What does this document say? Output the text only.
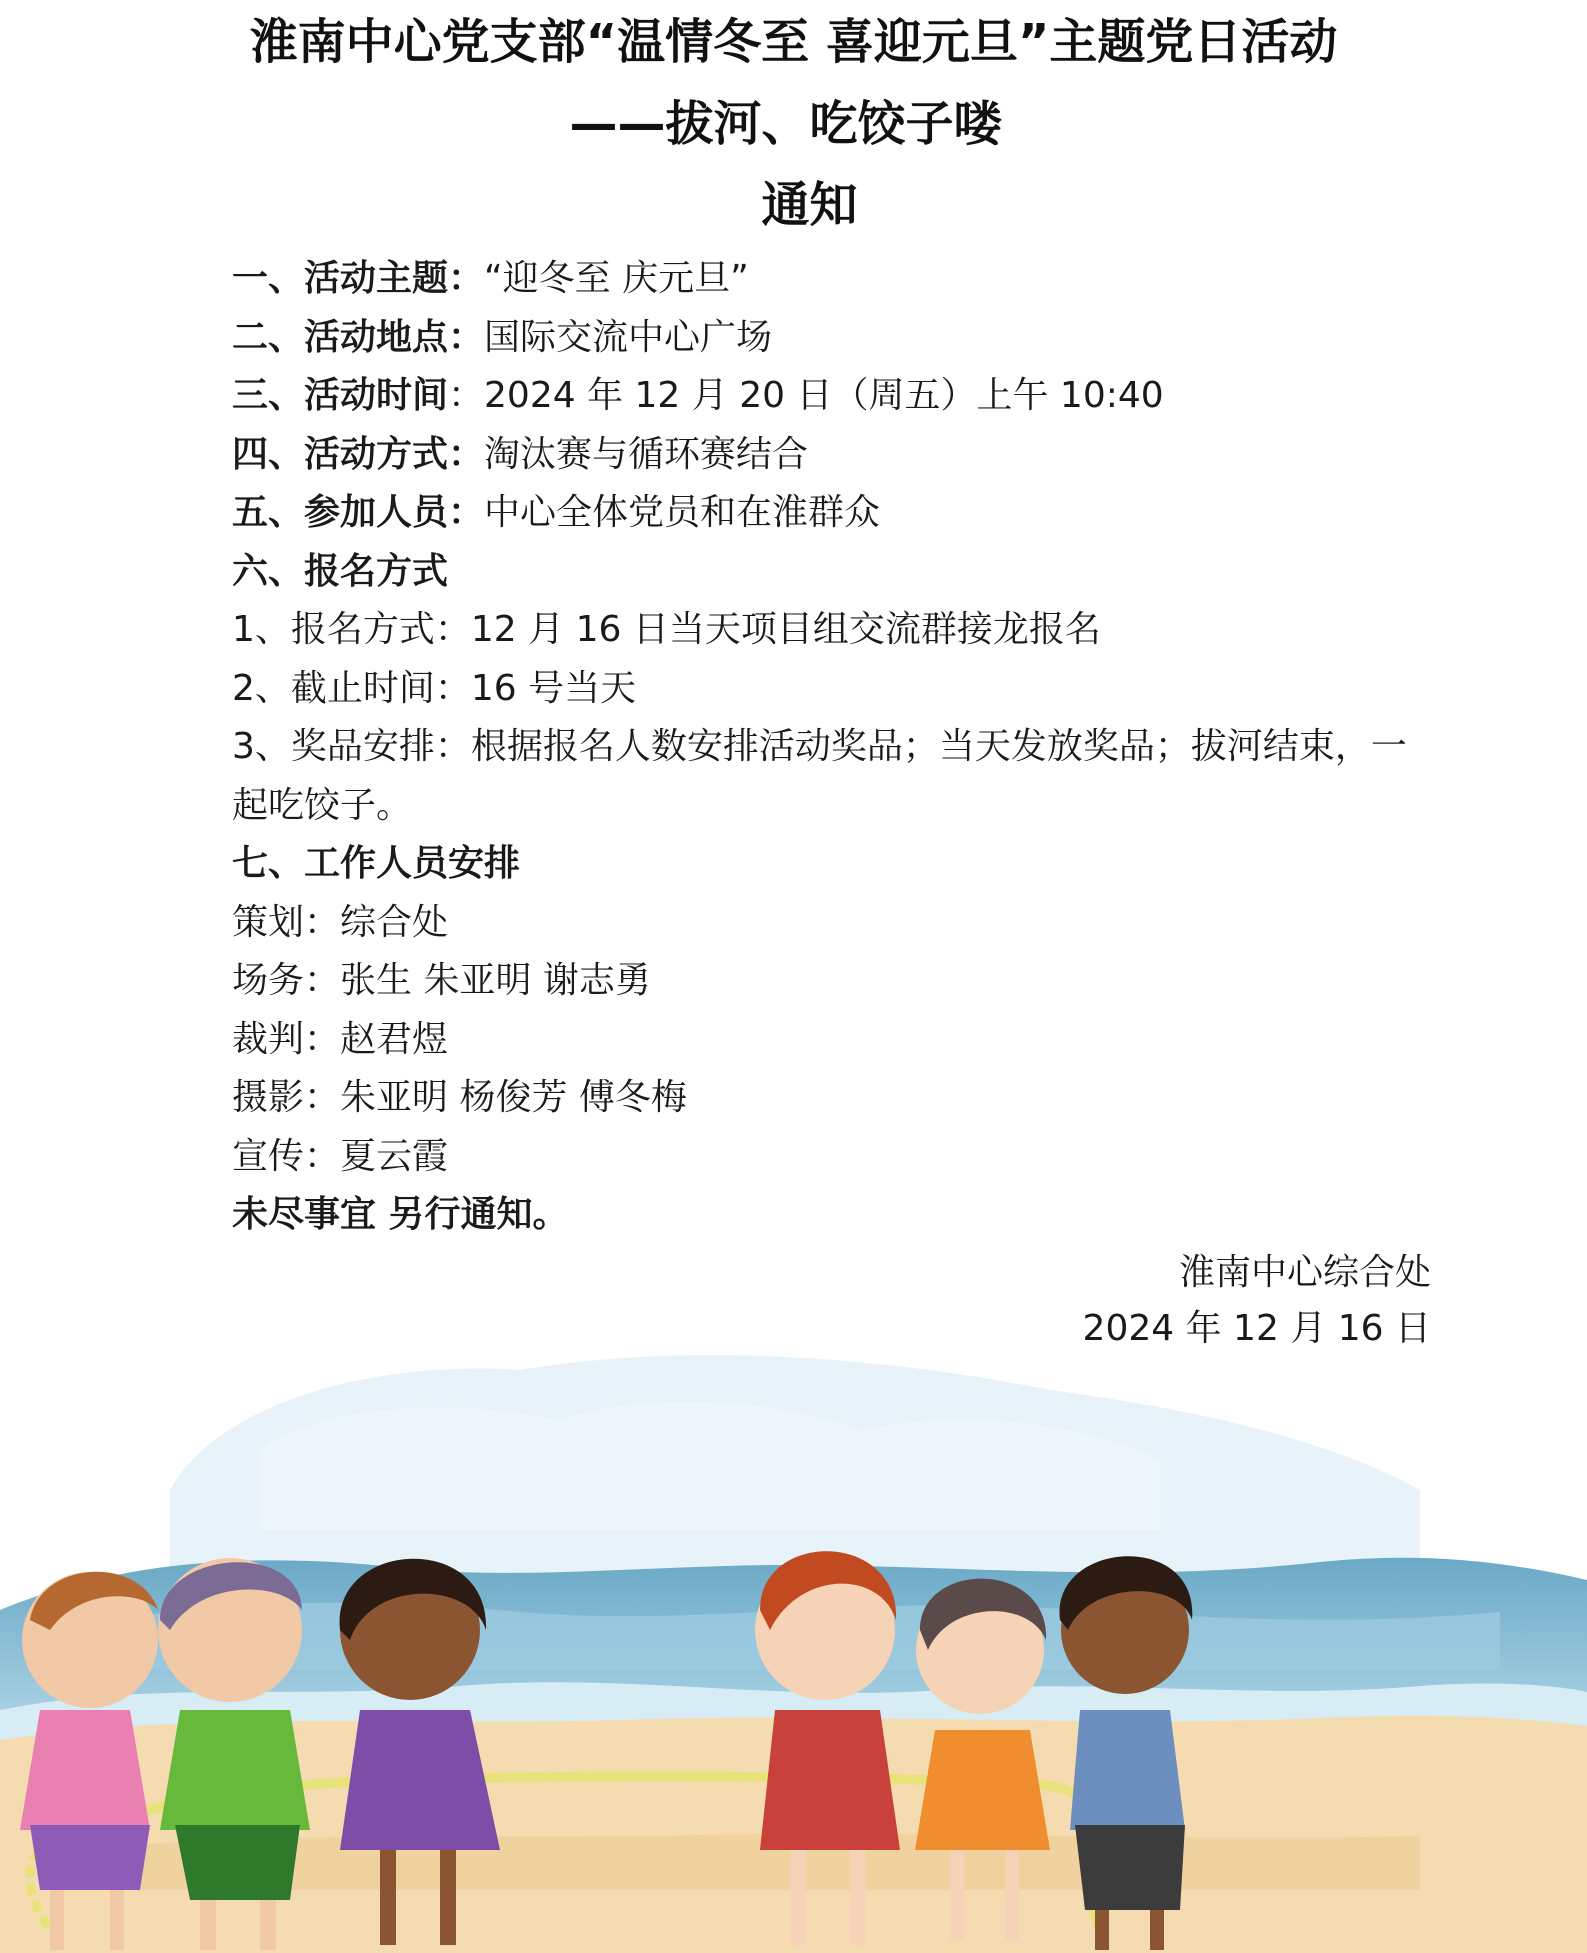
淮南中心党支部“温情冬至 喜迎元旦”主题党日活动
——拔河、吃饺子喽
通知
一、活动主题：“迎冬至 庆元旦”
二、活动地点：国际交流中心广场
三、活动时间：2024 年 12 月 20 日（周五）上午 10:40
四、活动方式：淘汰赛与循环赛结合
五、参加人员：中心全体党员和在淮群众
六、报名方式
1、报名方式：12 月 16 日当天项目组交流群接龙报名
2、截止时间：16 号当天
3、奖品安排：根据报名人数安排活动奖品；当天发放奖品；拔河结束，一起吃饺子。
七、工作人员安排
策划：综合处
场务：张生 朱亚明 谢志勇
裁判：赵君煜
摄影：朱亚明 杨俊芳 傅冬梅
宣传：夏云霞
未尽事宜 另行通知。
淮南中心综合处
2024 年 12 月 16 日
